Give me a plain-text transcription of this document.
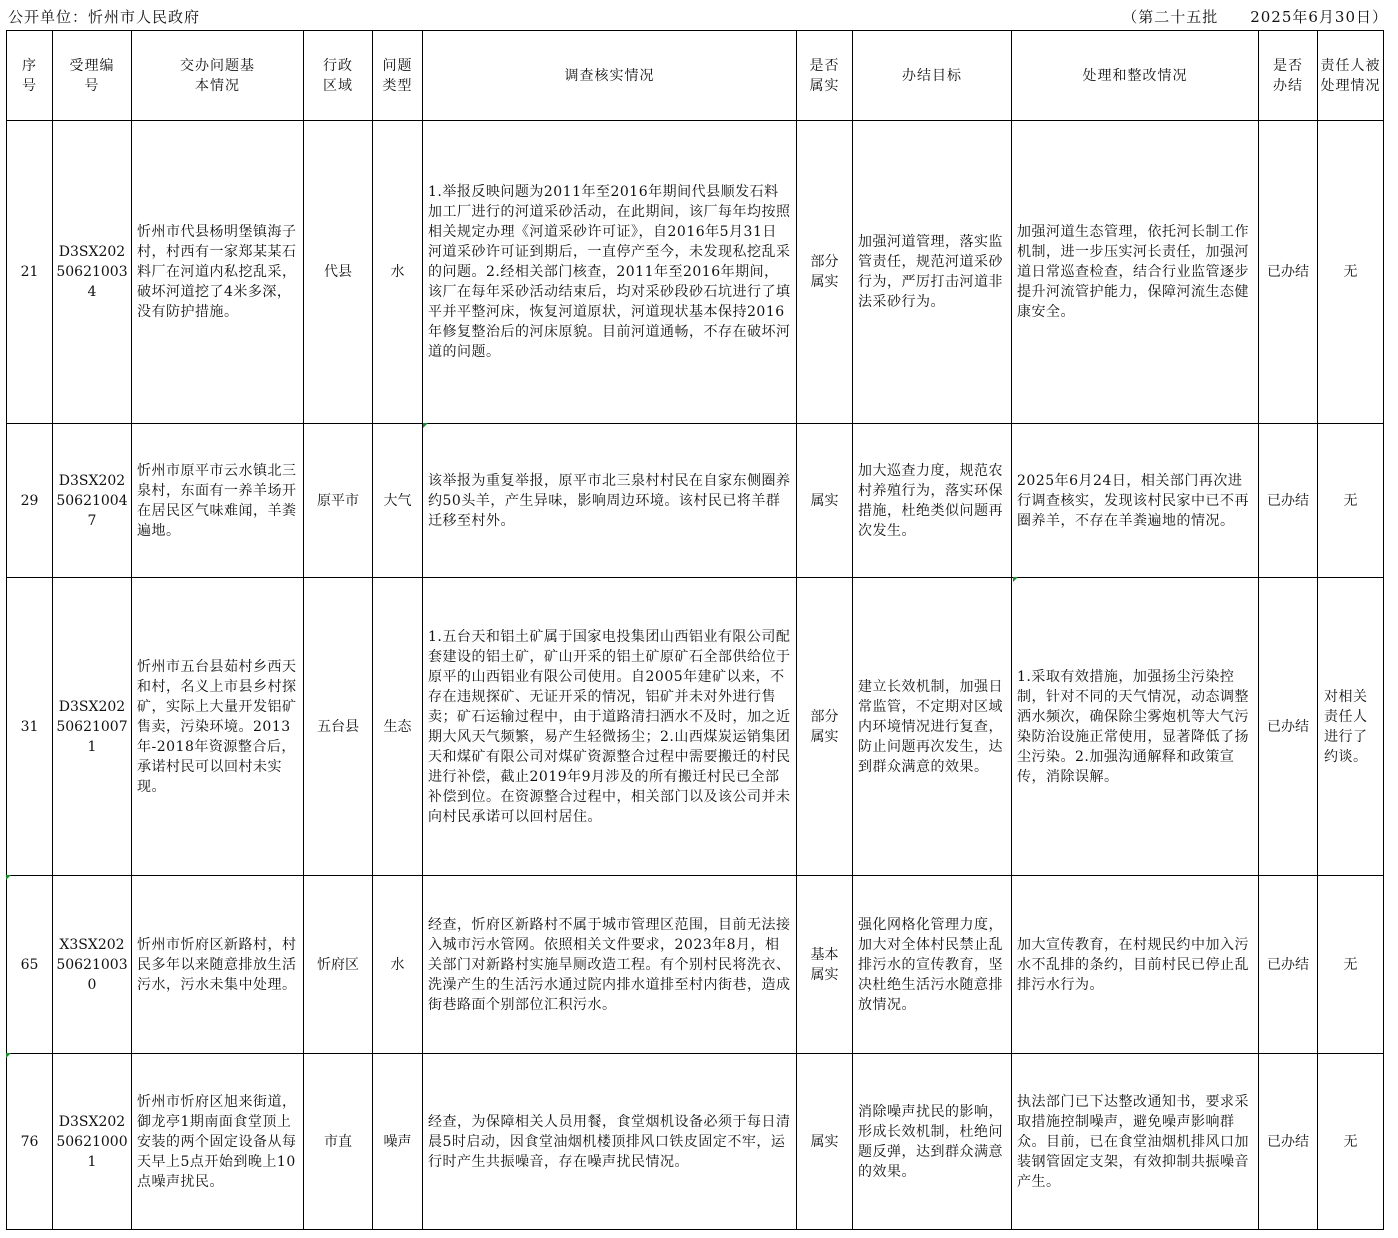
公开单位：忻州市人民政府	（第二十五批　　2025年6月30日）
序号	受理编号	交办问题基本情况	行政区域	问题类型	调查核实情况	是否属实	办结目标	处理和整改情况	是否办结	责任人被处理情况
21	D3SX202506210034	忻州市代县杨明堡镇海子村，村西有一家郑某某石料厂在河道内私挖乱采，破坏河道挖了4米多深，没有防护措施。	代县	水	1.举报反映问题为2011年至2016年期间代县顺发石料加工厂进行的河道采砂活动，在此期间，该厂每年均按照相关规定办理《河道采砂许可证》，自2016年5月31日河道采砂许可证到期后，一直停产至今，未发现私挖乱采的问题。2.经相关部门核查，2011年至2016年期间，该厂在每年采砂活动结束后，均对采砂段砂石坑进行了填平并平整河床，恢复河道原状，河道现状基本保持2016年修复整治后的河床原貌。目前河道通畅，不存在破坏河道的问题。	部分属实	加强河道管理，落实监管责任，规范河道采砂行为，严厉打击河道非法采砂行为。	加强河道生态管理，依托河长制工作机制，进一步压实河长责任，加强河道日常巡查检查，结合行业监管逐步提升河流管护能力，保障河流生态健康安全。	已办结	无
29	D3SX202506210047	忻州市原平市云水镇北三泉村，东面有一养羊场开在居民区气味难闻，羊粪遍地。	原平市	大气	该举报为重复举报，原平市北三泉村村民在自家东侧圈养约50头羊，产生异味，影响周边环境。该村民已将羊群迁移至村外。	属实	加大巡查力度，规范农村养殖行为，落实环保措施，杜绝类似问题再次发生。	2025年6月24日，相关部门再次进行调查核实，发现该村民家中已不再圈养羊，不存在羊粪遍地的情况。	已办结	无
31	D3SX202506210071	忻州市五台县茹村乡西天和村，名义上市县乡村探矿，实际上大量开发铝矿售卖，污染环境。2013年-2018年资源整合后，承诺村民可以回村未实现。	五台县	生态	1.五台天和铝土矿属于国家电投集团山西铝业有限公司配套建设的铝土矿，矿山开采的铝土矿原矿石全部供给位于原平的山西铝业有限公司使用。自2005年建矿以来，不存在违规探矿、无证开采的情况，铝矿并未对外进行售卖；矿石运输过程中，由于道路清扫洒水不及时，加之近期大风天气频繁，易产生轻微扬尘；2.山西煤炭运销集团天和煤矿有限公司对煤矿资源整合过程中需要搬迁的村民进行补偿，截止2019年9月涉及的所有搬迁村民已全部补偿到位。在资源整合过程中，相关部门以及该公司并未向村民承诺可以回村居住。	部分属实	建立长效机制，加强日常监管，不定期对区域内环境情况进行复查，防止问题再次发生，达到群众满意的效果。	1.采取有效措施，加强扬尘污染控制，针对不同的天气情况，动态调整洒水频次，确保除尘雾炮机等大气污染防治设施正常使用，显著降低了扬尘污染。2.加强沟通解释和政策宣传，消除误解。	已办结	对相关责任人进行了约谈。
65	X3SX202506210030	忻州市忻府区新路村，村民多年以来随意排放生活污水，污水未集中处理。	忻府区	水	经查，忻府区新路村不属于城市管理区范围，目前无法接入城市污水管网。依照相关文件要求，2023年8月，相关部门对新路村实施旱厕改造工程。有个别村民将洗衣、洗澡产生的生活污水通过院内排水道排至村内街巷，造成街巷路面个别部位汇积污水。	基本属实	强化网格化管理力度，加大对全体村民禁止乱排污水的宣传教育，坚决杜绝生活污水随意排放情况。	加大宣传教育，在村规民约中加入污水不乱排的条约，目前村民已停止乱排污水行为。	已办结	无
76	D3SX202506210001	忻州市忻府区旭来街道，御龙亭1期南面食堂顶上安装的两个固定设备从每天早上5点开始到晚上10点噪声扰民。	市直	噪声	经查，为保障相关人员用餐，食堂烟机设备必须于每日清晨5时启动，因食堂油烟机楼顶排风口铁皮固定不牢，运行时产生共振噪音，存在噪声扰民情况。	属实	消除噪声扰民的影响，形成长效机制，杜绝问题反弹，达到群众满意的效果。	执法部门已下达整改通知书，要求采取措施控制噪声，避免噪声影响群众。目前，已在食堂油烟机排风口加装钢管固定支架，有效抑制共振噪音产生。	已办结	无
